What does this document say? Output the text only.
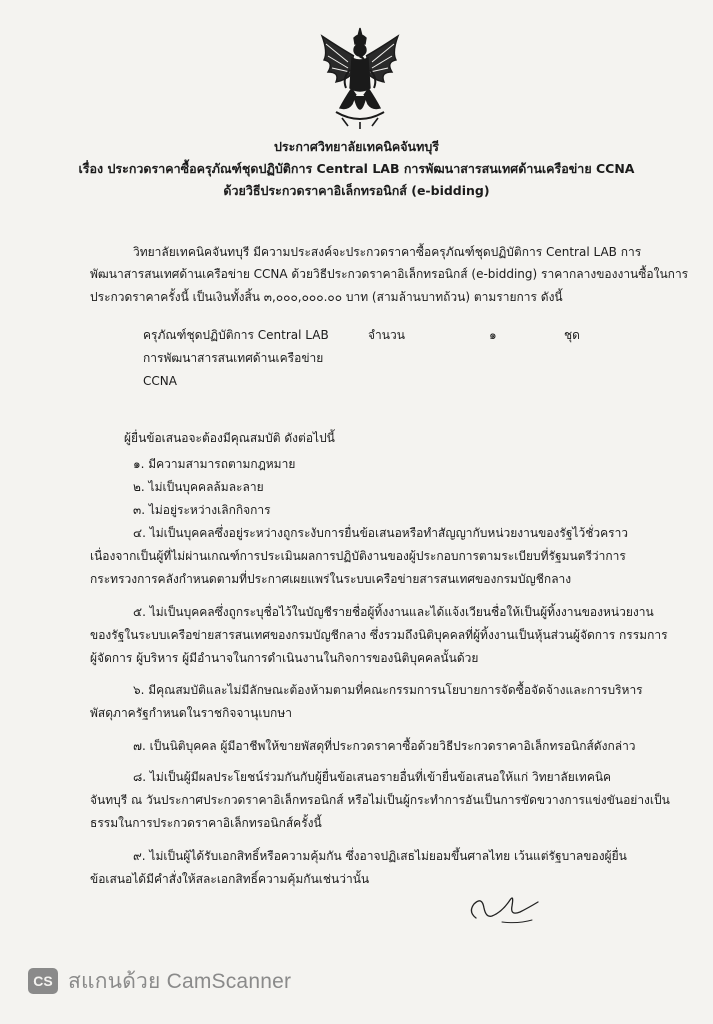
ประกาศวิทยาลัยเทคนิคจันทบุรี
เรื่อง ประกวดราคาซื้อครุภัณฑ์ชุดปฏิบัติการ Central LAB การพัฒนาสารสนเทศด้านเครือข่าย CCNA
ด้วยวิธีประกวดราคาอิเล็กทรอนิกส์ (e-bidding)
วิทยาลัยเทคนิคจันทบุรี มีความประสงค์จะประกวดราคาซื้อครุภัณฑ์ชุดปฏิบัติการ Central LAB การ
พัฒนาสารสนเทศด้านเครือข่าย CCNA ด้วยวิธีประกวดราคาอิเล็กทรอนิกส์ (e-bidding) ราคากลางของงานซื้อในการ
ประกวดราคาครั้งนี้ เป็นเงินทั้งสิ้น ๓,๐๐๐,๐๐๐.๐๐ บาท (สามล้านบาทถ้วน) ตามรายการ ดังนี้
ครุภัณฑ์ชุดปฏิบัติการ Central LAB
การพัฒนาสารสนเทศด้านเครือข่าย
CCNA
จำนวน	๑	ชุด
ผู้ยื่นข้อเสนอจะต้องมีคุณสมบัติ ดังต่อไปนี้
๑. มีความสามารถตามกฎหมาย
๒. ไม่เป็นบุคคลล้มละลาย
๓. ไม่อยู่ระหว่างเลิกกิจการ
๔. ไม่เป็นบุคคลซึ่งอยู่ระหว่างถูกระงับการยื่นข้อเสนอหรือทำสัญญากับหน่วยงานของรัฐไว้ชั่วคราว
เนื่องจากเป็นผู้ที่ไม่ผ่านเกณฑ์การประเมินผลการปฏิบัติงานของผู้ประกอบการตามระเบียบที่รัฐมนตรีว่าการ
กระทรวงการคลังกำหนดตามที่ประกาศเผยแพร่ในระบบเครือข่ายสารสนเทศของกรมบัญชีกลาง
๕. ไม่เป็นบุคคลซึ่งถูกระบุชื่อไว้ในบัญชีรายชื่อผู้ทิ้งงานและได้แจ้งเวียนชื่อให้เป็นผู้ทิ้งงานของหน่วยงาน
ของรัฐในระบบเครือข่ายสารสนเทศของกรมบัญชีกลาง ซึ่งรวมถึงนิติบุคคลที่ผู้ทิ้งงานเป็นหุ้นส่วนผู้จัดการ กรรมการ
ผู้จัดการ ผู้บริหาร ผู้มีอำนาจในการดำเนินงานในกิจการของนิติบุคคลนั้นด้วย
๖. มีคุณสมบัติและไม่มีลักษณะต้องห้ามตามที่คณะกรรมการนโยบายการจัดซื้อจัดจ้างและการบริหาร
พัสดุภาครัฐกำหนดในราชกิจจานุเบกษา
๗. เป็นนิติบุคคล ผู้มีอาชีพให้ขายพัสดุที่ประกวดราคาซื้อด้วยวิธีประกวดราคาอิเล็กทรอนิกส์ดังกล่าว
๘. ไม่เป็นผู้มีผลประโยชน์ร่วมกันกับผู้ยื่นข้อเสนอรายอื่นที่เข้ายื่นข้อเสนอให้แก่ วิทยาลัยเทคนิค
จันทบุรี ณ วันประกาศประกวดราคาอิเล็กทรอนิกส์ หรือไม่เป็นผู้กระทำการอันเป็นการขัดขวางการแข่งขันอย่างเป็น
ธรรมในการประกวดราคาอิเล็กทรอนิกส์ครั้งนี้
๙. ไม่เป็นผู้ได้รับเอกสิทธิ์หรือความคุ้มกัน ซึ่งอาจปฏิเสธไม่ยอมขึ้นศาลไทย เว้นแต่รัฐบาลของผู้ยื่น
ข้อเสนอได้มีคำสั่งให้สละเอกสิทธิ์ความคุ้มกันเช่นว่านั้น
CS สแกนด้วย CamScanner
